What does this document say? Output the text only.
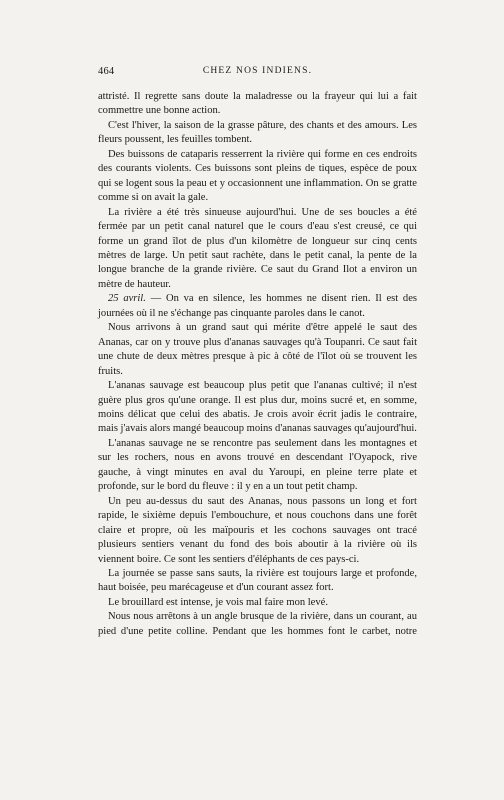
464	CHEZ NOS INDIENS.

attristé. Il regrette sans doute la maladresse ou la frayeur qui lui a fait commettre une bonne action.

C'est l'hiver, la saison de la grasse pâture, des chants et des amours. Les fleurs poussent, les feuilles tombent.

Des buissons de cataparis resserrent la rivière qui forme en ces endroits des courants violents. Ces buissons sont pleins de tiques, espèce de poux qui se logent sous la peau et y occasionnent une inflammation. On se gratte comme si on avait la gale.

La rivière a été très sinueuse aujourd'hui. Une de ses boucles a été fermée par un petit canal naturel que le cours d'eau s'est creusé, ce qui forme un grand îlot de plus d'un kilomètre de longueur sur cinq cents mètres de large. Un petit saut rachète, dans le petit canal, la pente de la longue branche de la grande rivière. Ce saut du Grand Ilot a environ un mètre de hauteur.

25 avril. — On va en silence, les hommes ne disent rien. Il est des journées où il ne s'échange pas cinquante paroles dans le canot.

Nous arrivons à un grand saut qui mérite d'être appelé le saut des Ananas, car on y trouve plus d'ananas sauvages qu'à Toupanri. Ce saut fait une chute de deux mètres presque à pic à côté de l'îlot où se trouvent les fruits.

L'ananas sauvage est beaucoup plus petit que l'ananas cultivé; il n'est guère plus gros qu'une orange. Il est plus dur, moins sucré et, en somme, moins délicat que celui des abatis. Je crois avoir écrit jadis le contraire, mais j'avais alors mangé beaucoup moins d'ananas sauvages qu'aujourd'hui.

L'ananas sauvage ne se rencontre pas seulement dans les montagnes et sur les rochers, nous en avons trouvé en descendant l'Oyapock, rive gauche, à vingt minutes en aval du Yaroupi, en pleine terre plate et profonde, sur le bord du fleuve : il y en a un tout petit champ.

Un peu au-dessus du saut des Ananas, nous passons un long et fort rapide, le sixième depuis l'embouchure, et nous couchons dans une forêt claire et propre, où les maïpouris et les cochons sauvages ont tracé plusieurs sentiers venant du fond des bois aboutir à la rivière où ils viennent boire. Ce sont les sentiers d'éléphants de ces pays-ci.

La journée se passe sans sauts, la rivière est toujours large et profonde, haut boisée, peu marécageuse et d'un courant assez fort.

Le brouillard est intense, je vois mal faire mon levé.

Nous nous arrêtons à un angle brusque de la rivière, dans un courant, au pied d'une petite colline. Pendant que les hommes font le carbet, notre
